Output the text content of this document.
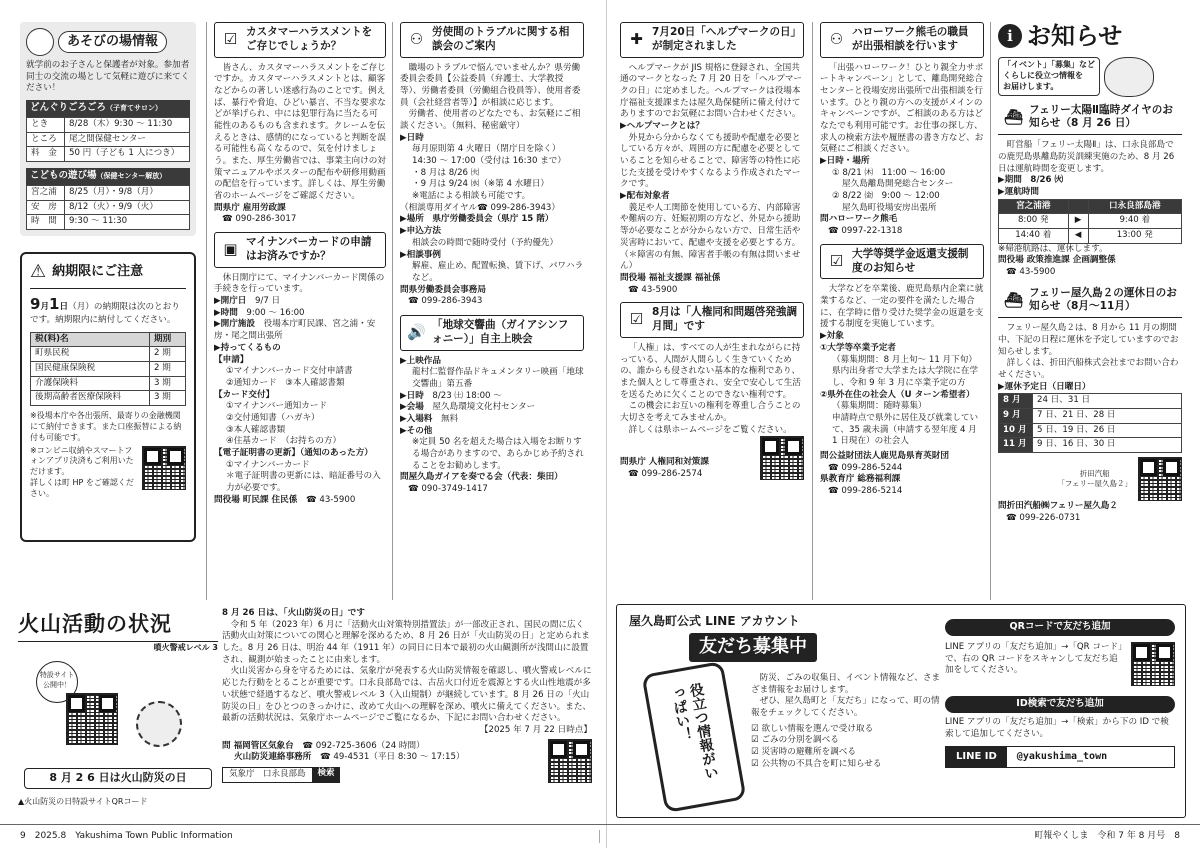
あそびの場情報

就学前のお子さんと保護者が対象。参加者同士の交流の場として気軽に遊びに来てください！

どんぐりごろごろ（子育てサロン）
とき	8/28（木）9:30 ～ 11:30
ところ	尾之間保健センター
料　金	50 円（子ども 1 人につき）
こどもの遊び場（保健センター解放）
宮之浦	8/25（月）・9/8（月）
安　房	8/12（火）・9/9（火）
時　間	9:30 ～ 11:30
⚠ 納期限にご注意

9月1日（月）の納期限は次のとおりです。納期限内に納付してください。

税(料)名	期別
町県民税	2 期
国民健康保険税	2 期
介護保険料	3 期
後期高齢者医療保険料	3 期

※役場本庁や各出張所、最寄りの金融機関にて納付できます。また口座振替による納付も可能です。

※コンビニ収納やスマートフォンアプリ決済もご利用いただけます。

詳しくは町 HP をご確認ください。

☑ カスタマーハラスメントをご存じでしょうか？

皆さん、カスタマーハラスメントをご存じですか。カスタマーハラスメントとは、顧客などからの著しい迷惑行為のことです。例えば、暴行や脅迫、ひどい暴言、不当な要求などが挙げられ、中には犯罪行為に当たる可能性のあるものも含まれます。クレームを伝えるときは、感情的になっていると判断を誤る可能性も高くなるので、気を付けましょう。また、厚生労働省では、事業主向けの対策マニュアルやポスターの配布や研修用動画の配信を行っています。詳しくは、厚生労働省のホームページをご確認ください。

問県庁 雇用労政課

☎ 090-286-3017

▣ マイナンバーカードの申請はお済みですか？

休日開庁にて、マイナンバーカード関係の手続きを行っています。

▶開庁日　 9/7 日

▶時間　 9:00 ～ 16:00

▶開庁施設　 役場本庁町民課、宮之浦・安房・尾之間出張所

▶持ってくるもの

【申請】

①マイナンバーカード交付申請書

②通知カード　③本人確認書類

【カード交付】

①マイナンバー通知カード

②交付通知書（ハガキ）

③本人確認書類

④住基カード　（お持ちの方）

【電子証明書の更新】（通知のあった方）

①マイナンバーカード

＊電子証明書の更新には、暗証番号の入力が必要です。

問役場 町民課 住民係　 ☎ 43-5900

⚇ 労使間のトラブルに関する相談会のご案内

職場のトラブルで悩んでいませんか？県労働委員会委員【公益委員（弁護士、大学教授等）、労働者委員（労働組合役員等）、使用者委員（会社経営者等）】が相談に応じます。

労働者、使用者のどなたでも、お気軽にご相談ください。（無料、秘密厳守）

▶日時

毎月原則第 4 火曜日（閉庁日を除く）

14:30 ～ 17:00（受付は 16:30 まで）

・8 月は 8/26 ㈫

・9 月は 9/24 ㈬（※第 4 水曜日）

※電話による相談も可能です。

（相談専用ダイヤル☎ 099-286-3943）

▶場所　県庁労働委員会（県庁 15 階）

▶申込方法

相談会の時間で随時受付（予約優先）

▶相談事例

解雇、雇止め、配置転換、賃下げ、パワハラなど。

問県労働委員会事務局

☎ 099-286-3943

🔊 「地球交響曲（ガイアシンフォニー）」自主上映会

▶上映作品

龍村仁監督作品ドキュメンタリー映画「地球交響曲」第五番

▶日時　 8/23 ㈯ 18:00 ～

▶会場　 屋久島環境文化村センター

▶入場料　 無料

▶その他

※定員 50 名を超えた場合は入場をお断りする場合がありますので、あらかじめ予約されることをお勧めします。

問屋久島ガイアを奏でる会（代表：柴田）

☎ 090-3749-1417

✚ 7月20日「ヘルプマークの日」が制定されました

ヘルプマークが JIS 規格に登録され、全国共通のマークとなった 7 月 20 日を「ヘルプマークの日」に定めました。ヘルプマークは役場本庁福祉支援課または屋久島保健所に備え付けてありますのでお気軽にお問い合わせください。

▶ヘルプマークとは？

外見から分からなくても援助や配慮を必要としている方々が、周囲の方に配慮を必要としていることを知らせることで、障害等の特性に応じた支援を受けやすくなるよう作成されたマークです。

▶配布対象者

義足や人工関節を使用している方、内部障害や難病の方、妊娠初期の方など、外見から援助等が必要なことが分からない方で、日常生活や災害時において、配慮や支援を必要とする方。（＊障害の有無、障害者手帳の有無は問いません）

問役場 福祉支援課 福祉係

☎ 43-5900

☑ 8月は「人権同和問題啓発強調月間」です

「人権」は、すべての人が生まれながらに持っている、人間が人間らしく生きていくための、誰からも侵されない基本的な権利であり、また個人として尊重され、安全で安心して生活を送るために欠くことのできない権利です。

この機会にお互いの権利を尊重し合うことの大切さを考えてみませんか。

詳しくは県ホームページをご覧ください。

問県庁 人権同和対策課

☎ 099-286-2574

⚇ ハローワーク熊毛の職員が出張相談を行います

「出張ハローワーク！ひとり親全力サポートキャンペーン」として、離島開発総合センターと役場安房出張所で出張相談を行います。ひとり親の方への支援がメインのキャンペーンですが、ご相談のある方はどなたでも利用可能です。お仕事の探し方、求人の検索方法や履歴書の書き方など、お気軽にご相談ください。

▶日時・場所

① 8/21 ㈭　11:00 ～ 16:00

屋久島離島開発総合センター

② 8/22 ㈮　9:00 ～ 12:00

屋久島町役場安房出張所

問ハローワーク熊毛

☎ 0997-22-1318

☑ 大学等奨学金返還支援制度のお知らせ

大学などを卒業後、鹿児島県内企業に就業するなど、一定の要件を満たした場合に、在学時に借り受けた奨学金の返還を支援する制度を実施しています。

▶対象

①大学等卒業予定者

（募集期間：8 月上旬～ 11 月下旬）

県内出身者で大学または大学院に在学し、令和 9 年 3 月に卒業予定の方

②県外在住の社会人（U ターン希望者）

（募集期間：随時募集）

申請時点で県外に居住及び就業していて、35 歳未満（申請する翌年度 4 月 1 日現在）の社会人

問公益財団法人鹿児島県育英財団

☎ 099-286-5244

県教育庁 総務福利課

☎ 099-286-5214

i お知らせ

「イベント」「募集」など

くらしに役立つ情報を

お届けします。

⛴ フェリー太陽Ⅱ臨時ダイヤのお知らせ（8 月 26 日）

町営船「フェリー太陽Ⅱ」は、口永良部島での鹿児島県離島防災訓練実施のため、8 月 26 日は運航時間を変更します。

▶期間　8/26 ㈫

▶運航時間

宮之浦港		口永良部島港
8:00 発	▶	9:40 着
14:40 着	◀	13:00 発

※帰港航路は、運休します。

問役場 政策推進課 企画調整係

☎ 43-5900

⛴ フェリー屋久島２の運休日のお知らせ（8月～11月）

フェリー屋久島２は、8 月から 11 月の期間中、下記の日程に運休を予定していますのでお知らせします。

詳しくは、折田汽船株式会社までお問い合わせください。

▶運休予定日（日曜日）

8 月	24 日、31 日
9 月	7 日、21 日、28 日
10 月	5 日、19 日、26 日
11 月	9 日、16 日、30 日

折田汽船
「フェリー屋久島２」

問折田汽船㈱フェリー屋久島２

☎ 099-226-0731

火山活動の状況
噴火警戒レベル 3
特設サイト公開中！
8 月 2 6 日は火山防災の日

▲火山防災の日特設サイトQRコード

8 月 26 日は、「火山防災の日」です

令和 5 年（2023 年）6 月に「活動火山対策特別措置法」が一部改正され、国民の間に広く活動火山対策についての関心と理解を深めるため、8 月 26 日が「火山防災の日」と定められました。8 月 26 日は、明治 44 年（1911 年）の同日に日本で最初の火山観測所が浅間山に設置され、観測が始まったことに由来します。

火山災害から身を守るためには、気象庁が発表する火山防災情報を確認し、噴火警戒レベルに応じた行動をとることが重要です。口永良部島では、古岳火口付近を震源とする火山性地震が多い状態で経過するなど、噴火警戒レベル 3（入山規制）が継続しています。8 月 26 日の「火山防災の日」をひとつのきっかけに、改めて火山への理解を深め、噴火に備えてください。また、最新の活動状況は、気象庁ホームページでご覧になるか、下記にお問い合わせください。

【2025 年 7 月 22 日時点】

問 福岡管区気象台　 ☎ 092-725-3606（24 時間）

火山防災連絡事務所　 ☎ 49-4531（平日 8:30 ～ 17:15）

気象庁　口永良部島	検索

屋久島町公式 LINE アカウント

友だち募集中

役立つ情報がいっぱい！

防災、ごみの収集日、イベント情報など、さまざま情報をお届けします。

ぜひ、屋久島町と「友だち」になって、町の情報をチェックしてください。

☑ 欲しい情報を選んで受け取る

☑ ごみの分別を調べる

☑ 災害時の避難所を調べる

☑ 公共物の不具合を町に知らせる

QRコードで友だち追加

LINE アプリの「友だち追加」→「QR コード」で、右の QR コードをスキャンして友だち追加をしてください。

ID検索で友だち追加

LINE アプリの「友だち追加」→「検索」から下の ID で検索して追加してください。

LINE ID	@yakushima_town
9　2025.8　Yakushima Town Public Information	町報やくしま　令和 7 年 8 月号　8
